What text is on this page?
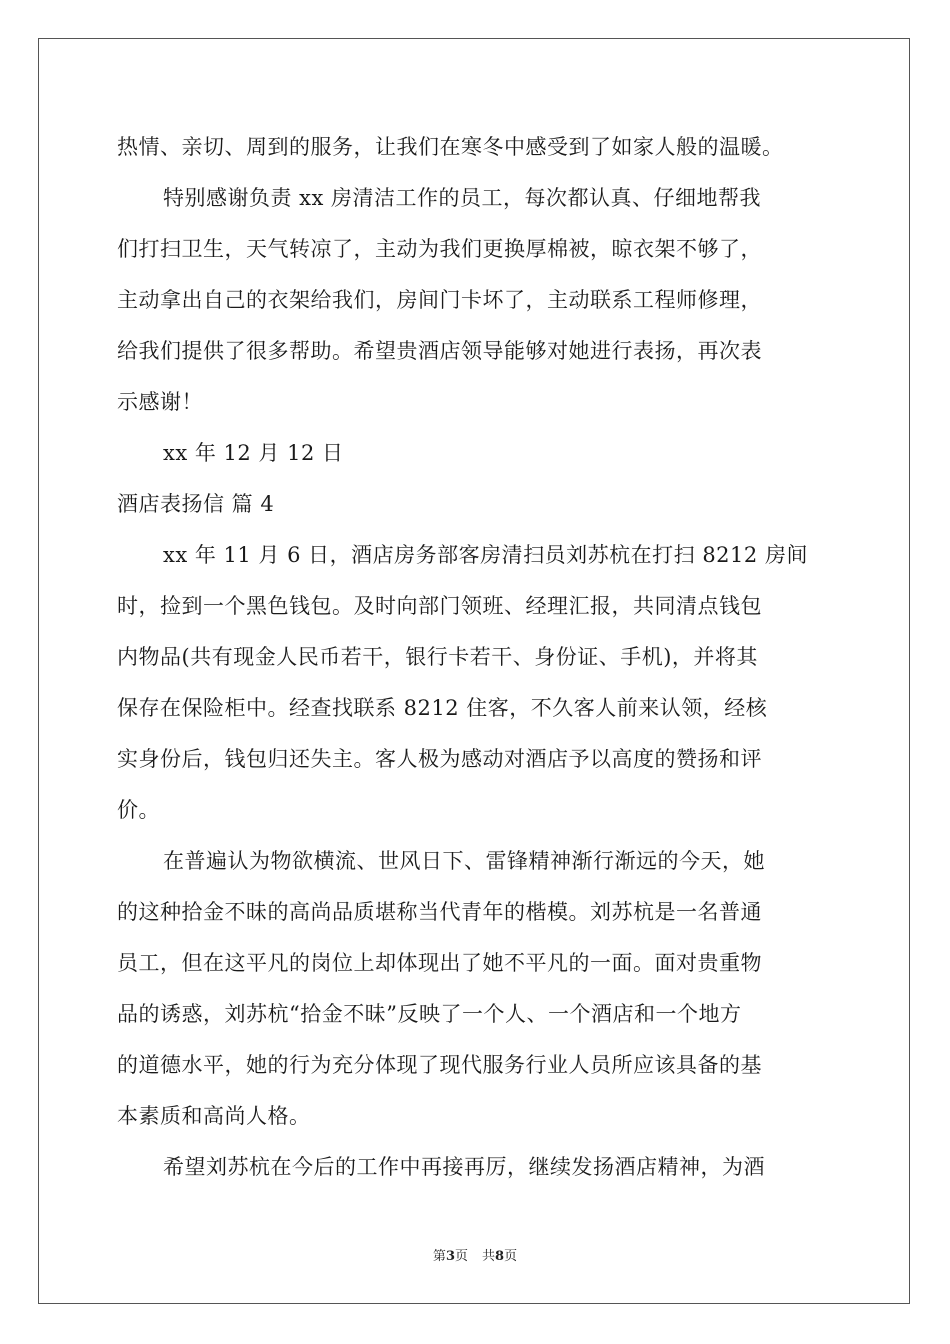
热情、亲切、周到的服务，让我们在寒冬中感受到了如家人般的温暖。
特别感谢负责 xx 房清洁工作的员工，每次都认真、仔细地帮我
们打扫卫生，天气转凉了，主动为我们更换厚棉被，晾衣架不够了，
主动拿出自己的衣架给我们，房间门卡坏了，主动联系工程师修理，
给我们提供了很多帮助。希望贵酒店领导能够对她进行表扬，再次表
示感谢！
xx 年 12 月 12 日
酒店表扬信 篇 4
xx 年 11 月 6 日，酒店房务部客房清扫员刘苏杭在打扫 8212 房间
时，捡到一个黑色钱包。及时向部门领班、经理汇报，共同清点钱包
内物品(共有现金人民币若干，银行卡若干、身份证、手机)，并将其
保存在保险柜中。经查找联系 8212 住客，不久客人前来认领，经核
实身份后，钱包归还失主。客人极为感动对酒店予以高度的赞扬和评
价。
在普遍认为物欲横流、世风日下、雷锋精神渐行渐远的今天，她
的这种拾金不昧的高尚品质堪称当代青年的楷模。刘苏杭是一名普通
员工，但在这平凡的岗位上却体现出了她不平凡的一面。面对贵重物
品的诱惑，刘苏杭“拾金不昧”反映了一个人、一个酒店和一个地方
的道德水平，她的行为充分体现了现代服务行业人员所应该具备的基
本素质和高尚人格。
希望刘苏杭在今后的工作中再接再厉，继续发扬酒店精神，为酒
第3页 共8页
